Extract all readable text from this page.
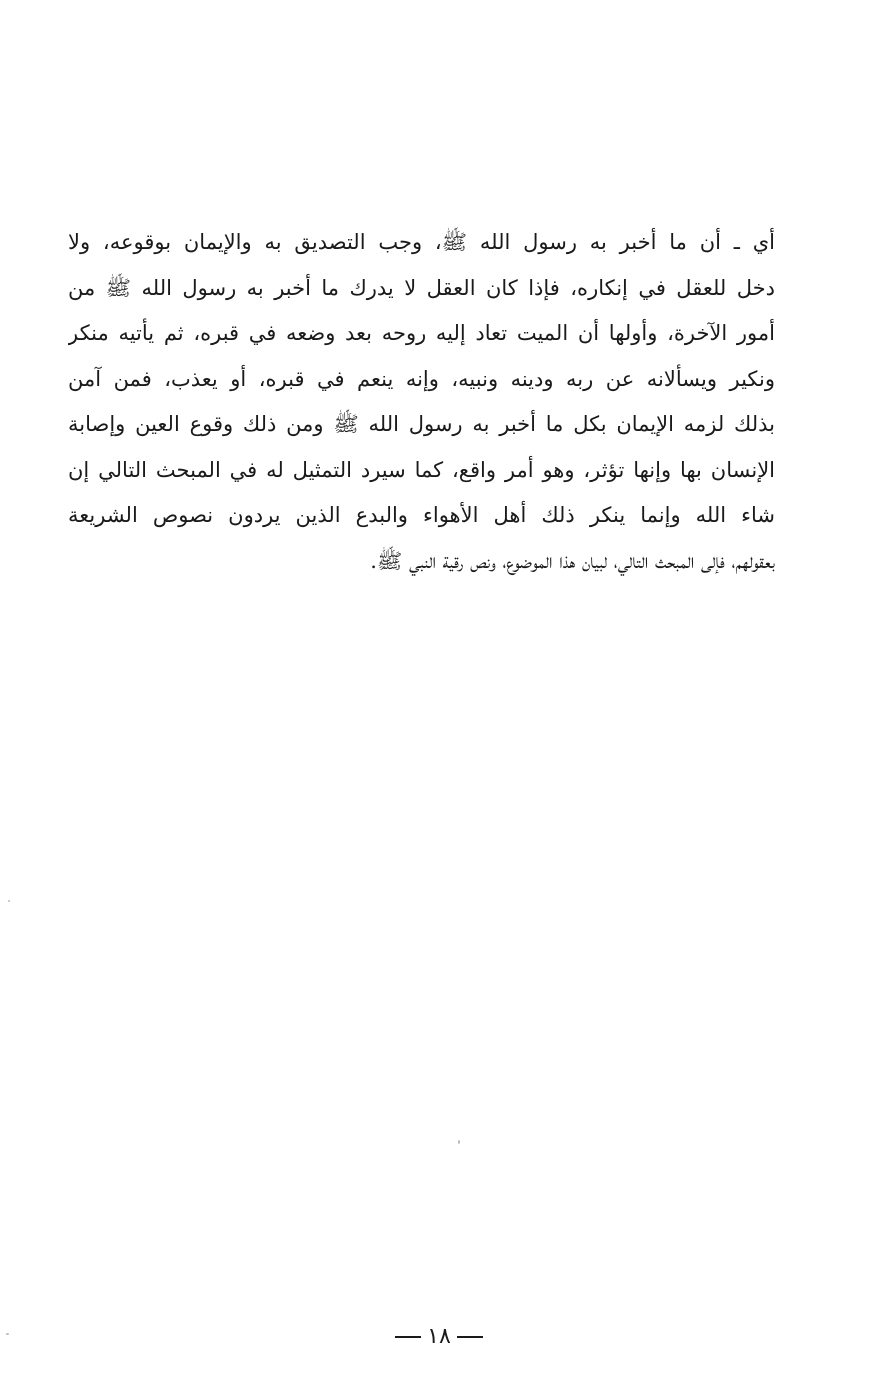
أي ـ أن ما أخبر به رسول الله ﷺ، وجب التصديق به والإيمان بوقوعه، ولا
دخل للعقل في إنكاره، فإذا كان العقل لا يدرك ما أخبر به رسول الله ﷺ من
أمور الآخرة، وأولها أن الميت تعاد إليه روحه بعد وضعه في قبره، ثم يأتيه منكر
ونكير ويسألانه عن ربه ودينه ونبيه، وإنه ينعم في قبره، أو يعذب، فمن آمن
بذلك لزمه الإيمان بكل ما أخبر به رسول الله ﷺ ومن ذلك وقوع العين وإصابة
الإنسان بها وإنها تؤثر، وهو أمر واقع، كما سيرد التمثيل له في المبحث التالي إن
شاء الله وإنما ينكر ذلك أهل الأهواء والبدع الذين يردون نصوص الشريعة
بعقولهم، فإلى المبحث التالي، لبيان هذا الموضوع، ونص رقية النبي ﷺ.
١٨
